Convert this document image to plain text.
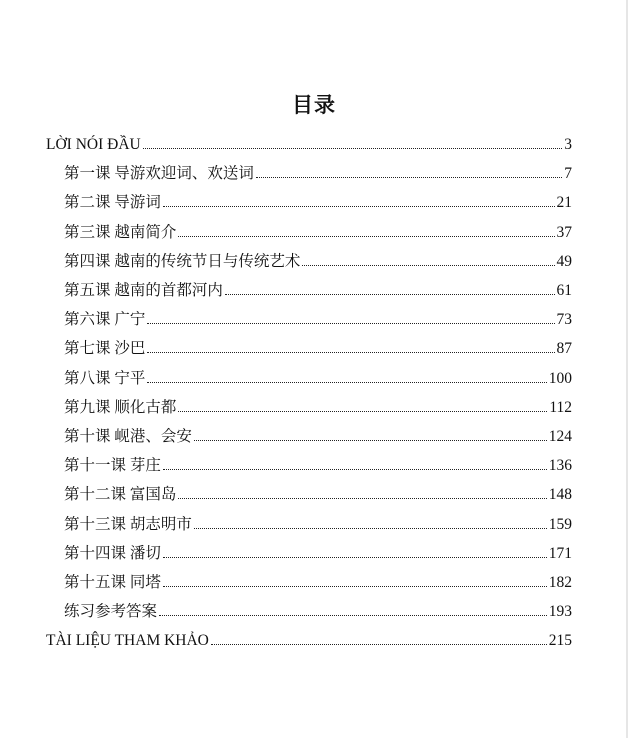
目录
LỜI NÓI ĐẦU	3
第一课 导游欢迎词、欢送词	7
第二课 导游词	21
第三课 越南简介	37
第四课 越南的传统节日与传统艺术	49
第五课 越南的首都河内	61
第六课 广宁	73
第七课 沙巴	87
第八课 宁平	100
第九课 顺化古都	112
第十课 岘港、会安	124
第十一课 芽庄	136
第十二课 富国岛	148
第十三课 胡志明市	159
第十四课 潘切	171
第十五课 同塔	182
练习参考答案	193
TÀI LIỆU THAM KHẢO	215
